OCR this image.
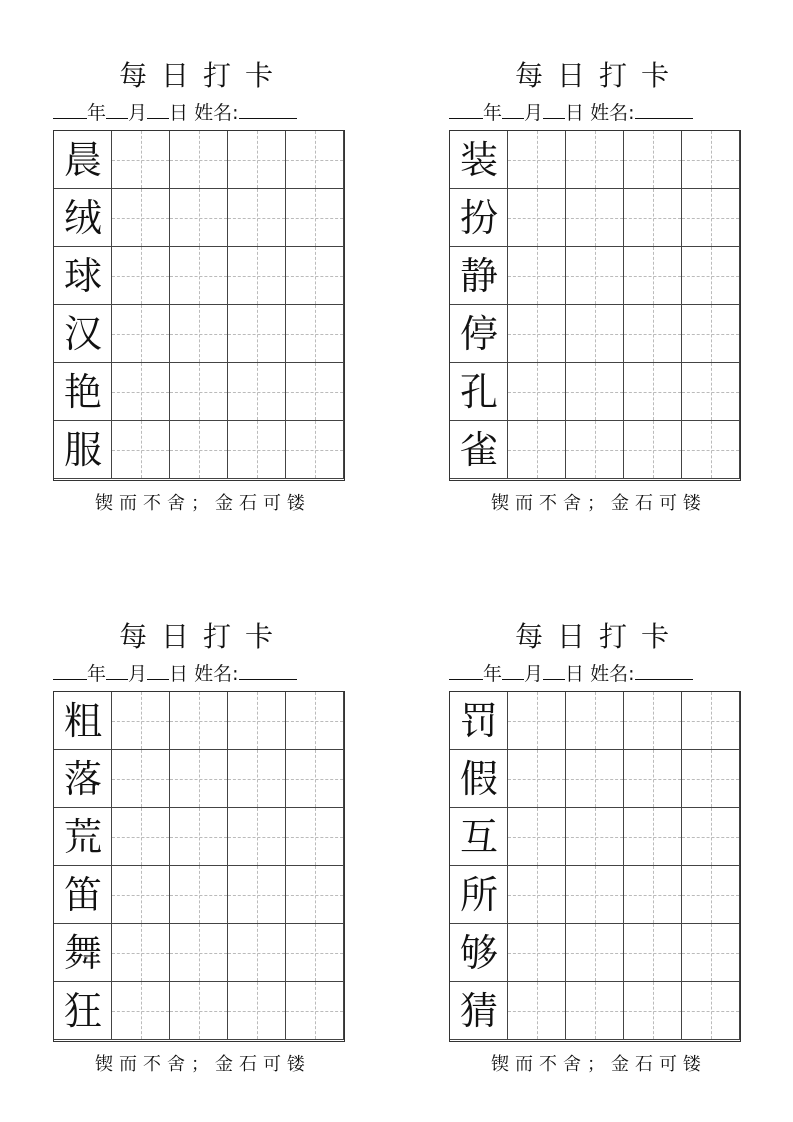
每日打卡
年 月 日 姓名:
晨
绒
球
汉
艳
服
锲而不舍；金石可镂
每日打卡
年 月 日 姓名:
装
扮
静
停
孔
雀
锲而不舍；金石可镂
每日打卡
年 月 日 姓名:
粗
落
荒
笛
舞
狂
锲而不舍；金石可镂
每日打卡
年 月 日 姓名:
罚
假
互
所
够
猜
锲而不舍；金石可镂
